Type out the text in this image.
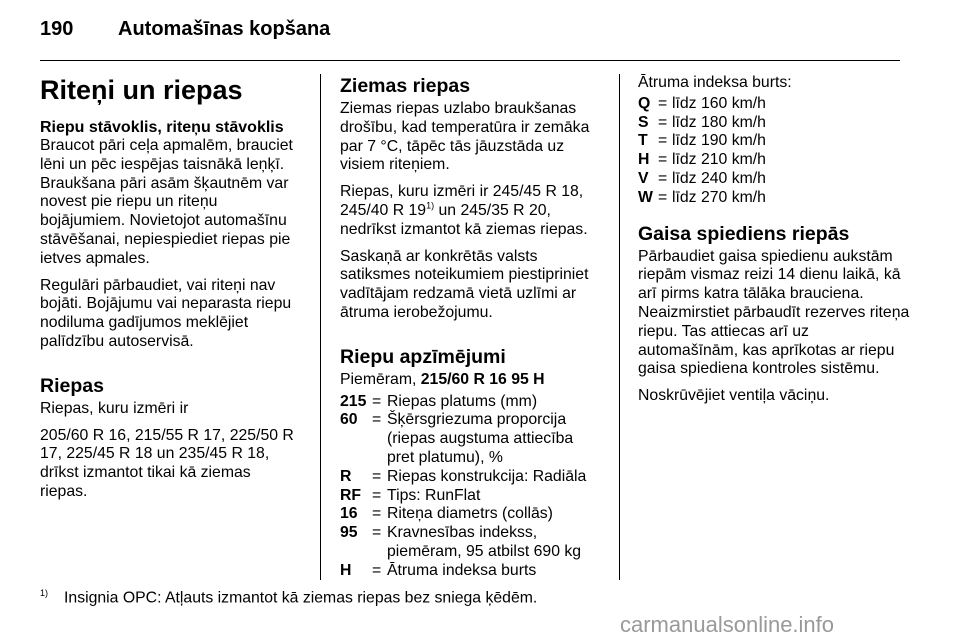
190 Automašīnas kopšana
Riteņi un riepas
Riepu stāvoklis, riteņu stāvoklis

Braucot pāri ceļa apmalēm, brauciet lēni un pēc iespējas taisnākā leņķī. Braukšana pāri asām šķautnēm var novest pie riepu un riteņu bojājumiem. Novietojot automašīnu stāvēšanai, nepiespiediet riepas pie ietves apmales.

Regulāri pārbaudiet, vai riteņi nav bojāti. Bojājumu vai neparasta riepu nodiluma gadījumos meklējiet palīdzību autoservisā.

Riepas

Riepas, kuru izmēri ir

205/60 R 16, 215/55 R 17, 225/50 R 17, 225/45 R 18 un 235/45 R 18, drīkst izmantot tikai kā ziemas riepas.

Ziemas riepas

Ziemas riepas uzlabo braukšanas drošību, kad temperatūra ir zemāka par 7 °C, tāpēc tās jāuzstāda uz visiem riteņiem.

Riepas, kuru izmēri ir 245/45 R 18, 245/40 R 19$^{1)}$ un 245/35 R 20, nedrīkst izmantot kā ziemas riepas.

Saskaņā ar konkrētās valsts satiksmes noteikumiem piestipriniet vadītājam redzamā vietā uzlīmi ar ātruma ierobežojumu.

Riepu apzīmējumi
Piemēram, 215/60 R 16 95 H
215 = Riepas platums (mm)
60 = Šķērsgriezuma proporcija (riepas augstuma attiecība pret platumu), %
R	= Riepas konstrukcija: Radiāla
RF = Tips: RunFlat
16 = Riteņa diametrs (collās)
95 = Kravnesības indekss, piemēram, 95 atbilst 690 kg
H	= Ātruma indeksa burts
Ātruma indeksa burts:
Q = līdz 160 km/h
S = līdz 180 km/h
T = līdz 190 km/h
H = līdz 210 km/h
V = līdz 240 km/h
W = līdz 270 km/h
Gaisa spiediens riepās

Pārbaudiet gaisa spiedienu aukstām riepām vismaz reizi 14 dienu laikā, kā arī pirms katra tālāka brauciena. Neaizmirstiet pārbaudīt rezerves riteņa riepu. Tas attiecas arī uz automašīnām, kas aprīkotas ar riepu gaisa spiediena kontroles sistēmu.

Noskrūvējiet ventiļa vāciņu.

$^{1)}$ Insignia OPC: Atļauts izmantot kā ziemas riepas bez sniega ķēdēm.
carmanualsonline.info
